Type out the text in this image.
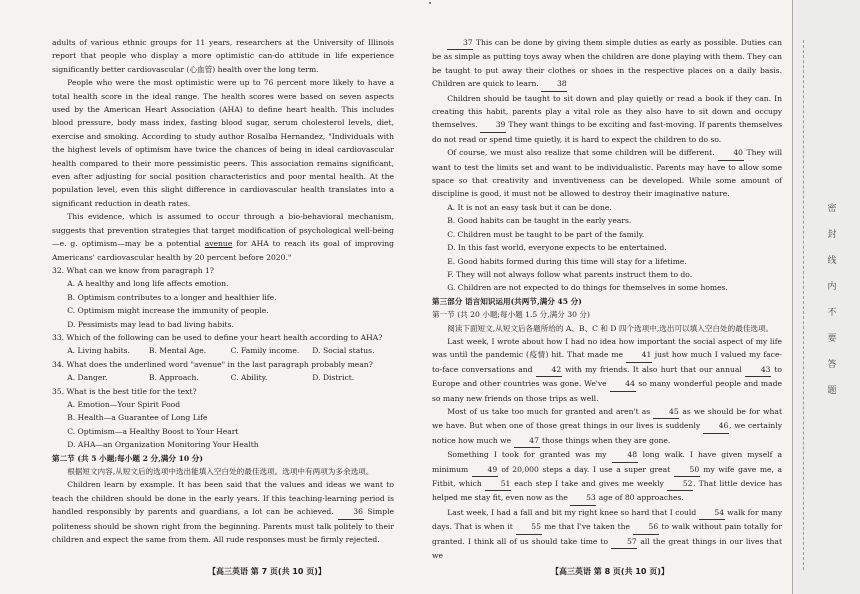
adults of various ethnic groups for 11 years, researchers at the University of Illinois report that people who display a more optimistic can-do attitude in life experience significantly better cardiovascular (心血管) health over the long term.

People who were the most optimistic were up to 76 percent more likely to have a total health score in the ideal range. The health scores were based on seven aspects used by the American Heart Association (AHA) to define heart health. This includes blood pressure, body mass index, fasting blood sugar, serum cholesterol levels, diet, exercise and smoking. According to study author Rosalba Hernandez, "Individuals with the highest levels of optimism have twice the chances of being in ideal cardiovascular health compared to their more pessimistic peers. This association remains significant, even after adjusting for social position characteristics and poor mental health. At the population level, even this slight difference in cardiovascular health translates into a significant reduction in death rates.

This evidence, which is assumed to occur through a bio-behavioral mechanism, suggests that prevention strategies that target modification of psychological well-being—e. g. optimism—may be a potential avenue for AHA to reach its goal of improving Americans' cardiovascular health by 20 percent before 2020."

32. What can we know from paragraph 1?

A. A healthy and long life affects emotion.

B. Optimism contributes to a longer and healthier life.

C. Optimism might increase the immunity of people.

D. Pessimists may lead to bad living habits.

33. Which of the following can be used to define your heart health according to AHA?

A. Living habits.	B. Mental Age.	C. Family income.	D. Social status.

34. What does the underlined word "avenue" in the last paragraph probably mean?

A. Danger.	B. Approach.	C. Ability.	D. District.

35. What is the best title for the text?

A. Emotion—Your Spirit Food

B. Health—a Guarantee of Long Life

C. Optimism—a Healthy Boost to Your Heart

D. AHA—an Organization Monitoring Your Health

第二节 (共 5 小题;每小题 2 分,满分 10 分)

根据短文内容,从短文后的选项中选出能填入空白处的最佳选项。选项中有两项为多余选项。

Children learn by example. It has been said that the values and ideas we want to teach the children should be done in the early years. If this teaching-learning period is handled responsibly by parents and guardians, a lot can be achieved. 36 Simple politeness should be shown right from the beginning. Parents must talk politely to their children and expect the same from them. All rude responses must be firmly rejected.

37 This can be done by giving them simple duties as early as possible. Duties can be as simple as putting toys away when the children are done playing with them. They can be taught to put away their clothes or shoes in the respective places on a daily basis. Children are quick to learn. 38

Children should be taught to sit down and play quietly or read a book if they can. In creating this habit, parents play a vital role as they also have to sit down and occupy themselves. 39 They want things to be exciting and fast-moving. If parents themselves do not read or spend time quietly, it is hard to expect the children to do so.

Of course, we must also realize that some children will be different. 40 They will want to test the limits set and want to be individualistic. Parents may have to allow some space so that creativity and inventiveness can be developed. While some amount of discipline is good, it must not be allowed to destroy their imaginative nature.

A. It is not an easy task but it can be done.

B. Good habits can be taught in the early years.

C. Children must be taught to be part of the family.

D. In this fast world, everyone expects to be entertained.

E. Good habits formed during this time will stay for a lifetime.

F. They will not always follow what parents instruct them to do.

G. Children are not expected to do things for themselves in some homes.

第三部分 语言知识运用(共两节,满分 45 分)

第一节 (共 20 小题;每小题 1.5 分,满分 30 分)

阅读下面短文,从短文后各题所给的 A、B、C 和 D 四个选项中,选出可以填入空白处的最佳选项。

Last week, I wrote about how I had no idea how important the social aspect of my life was until the pandemic (疫情) hit. That made me 41 just how much I valued my face-to-face conversations and 42 with my friends. It also hurt that our annual 43 to Europe and other countries was gone. We've 44 so many wonderful people and made so many new friends on those trips as well.

Most of us take too much for granted and aren't as 45 as we should be for what we have. But when one of those great things in our lives is suddenly 46, we certainly notice how much we 47 those things when they are gone.

Something I took for granted was my 48 long walk. I have given myself a minimum 49 of 20,000 steps a day. I use a super great 50 my wife gave me, a Fitbit, which 51 each step I take and gives me weekly 52. That little device has helped me stay fit, even now as the 53 age of 80 approaches.

Last week, I had a fall and bit my right knee so hard that I could 54 walk for many days. That is when it 55 me that I've taken the 56 to walk without pain totally for granted. I think all of us should take time to 57 all the great things in our lives that we

【高三英语 第 7 页(共 10 页)】	【高三英语 第 8 页(共 10 页)】
密
封
线
内
不
要
答
题
